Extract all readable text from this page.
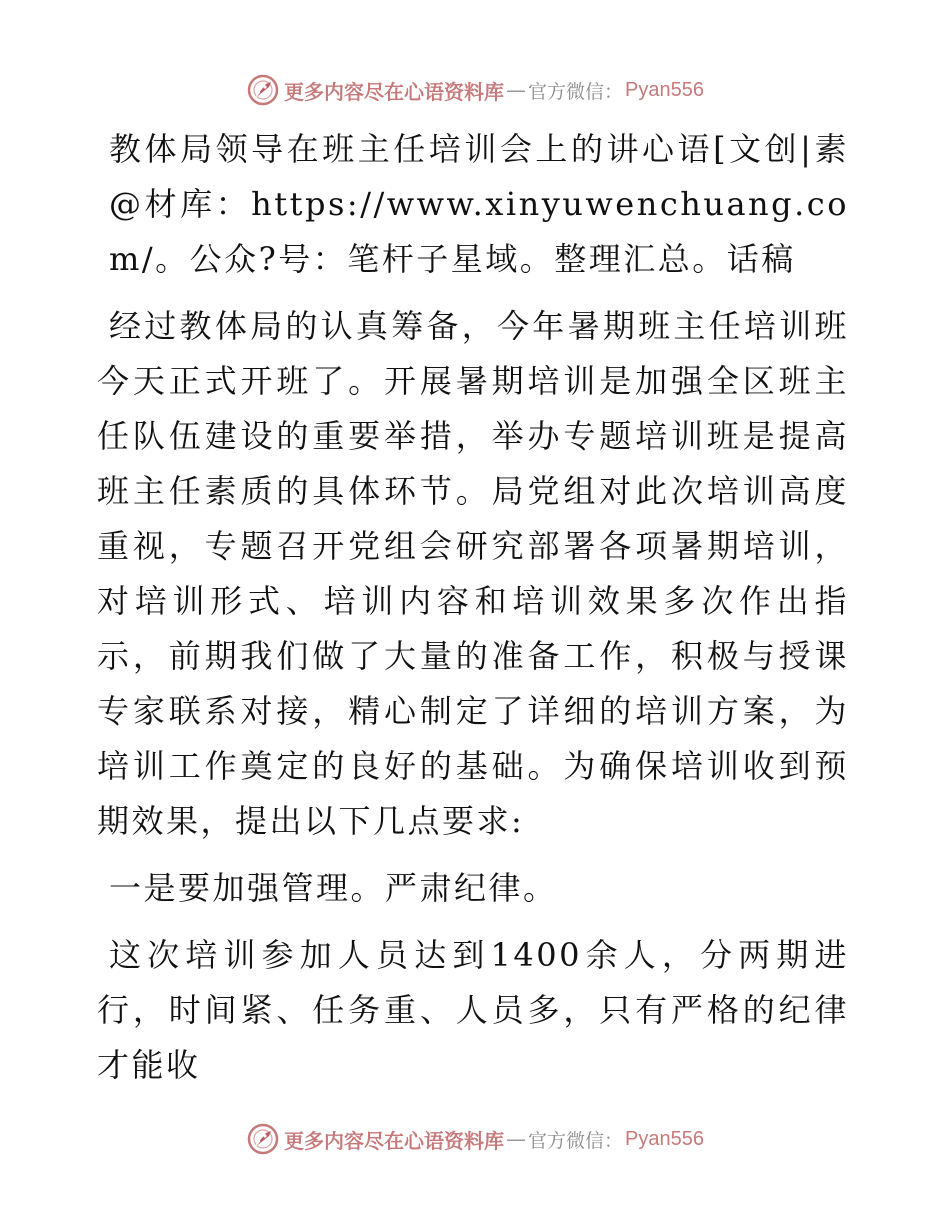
更多内容尽在心语资料库 — 官方微信： Pyan556

教体局领导在班主任培训会上的讲心语[文创|素@材库：https://www.xinyuwenchuang.com/。公众?号：笔杆子星域。整理汇总。话稿

经过教体局的认真筹备，今年暑期班主任培训班今天正式开班了。开展暑期培训是加强全区班主任队伍建设的重要举措，举办专题培训班是提高班主任素质的具体环节。局党组对此次培训高度重视，专题召开党组会研究部署各项暑期培训，对培训形式、培训内容和培训效果多次作出指示，前期我们做了大量的准备工作，积极与授课专家联系对接，精心制定了详细的培训方案，为培训工作奠定的良好的基础。为确保培训收到预期效果，提出以下几点要求:

一是要加强管理。严肃纪律。

这次培训参加人员达到1400余人，分两期进行，时间紧、任务重、人员多，只有严格的纪律才能收

更多内容尽在心语资料库 — 官方微信： Pyan556
